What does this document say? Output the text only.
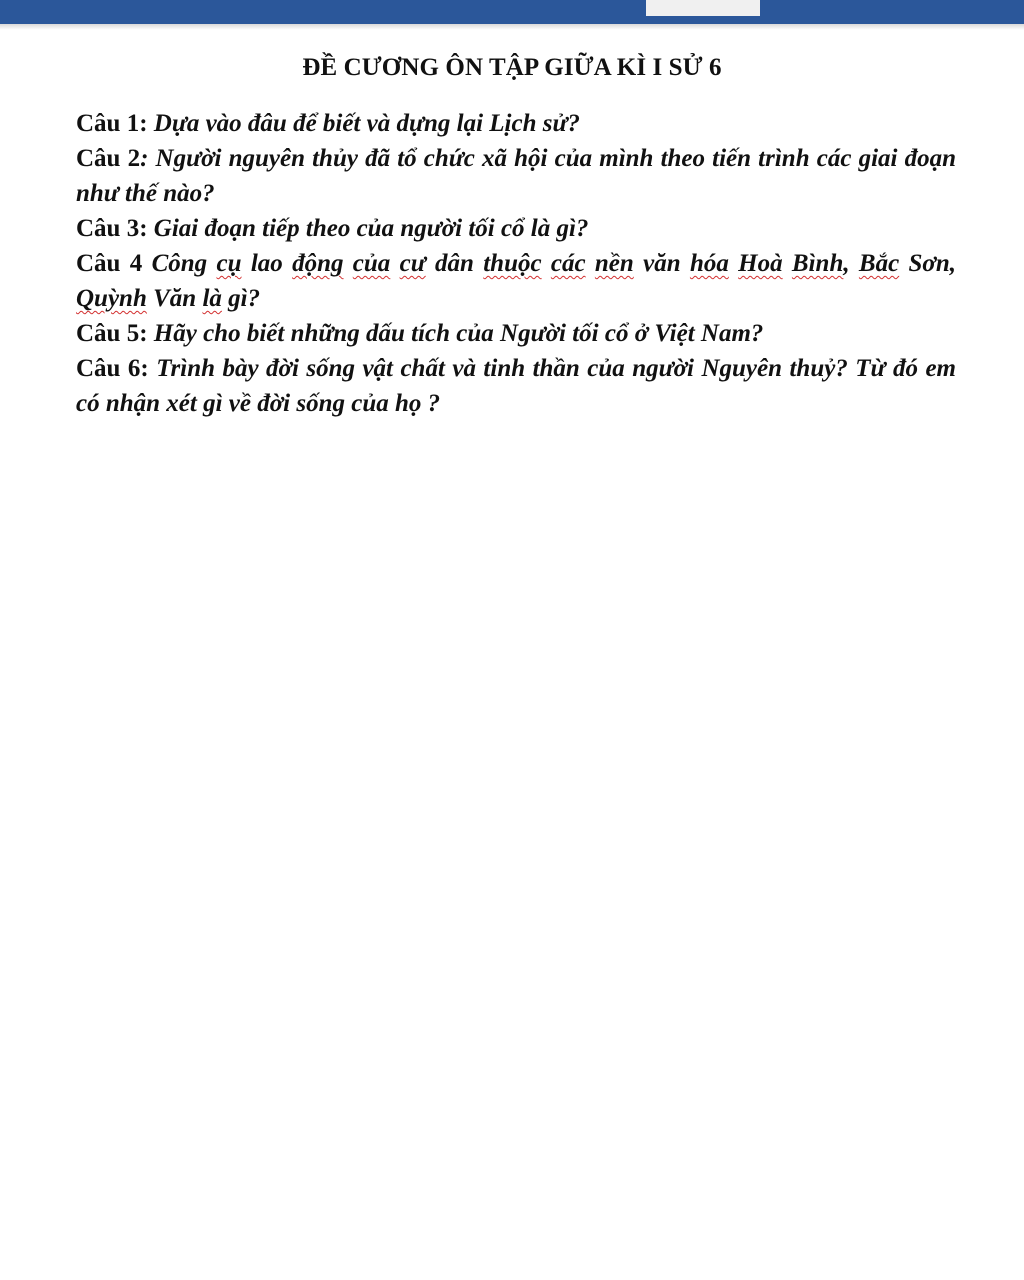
ĐỀ CƯƠNG ÔN TẬP GIỮA KÌ I SỬ 6

Câu 1: Dựa vào đâu để biết và dựng lại Lịch sử?

Câu 2: Người nguyên thủy đã tổ chức xã hội của mình theo tiến trình các giai đoạn như thế nào?

Câu 3: Giai đoạn tiếp theo của người tối cổ là gì?

Câu 4 Công cụ lao động của cư dân thuộc các nền văn hóa Hoà Bình, Bắc Sơn, Quỳnh Văn là gì?

Câu 5: Hãy cho biết những dấu tích của Người tối cổ ở Việt Nam?

Câu 6: Trình bày đời sống vật chất và tinh thần của người Nguyên thuỷ? Từ đó em có nhận xét gì về đời sống của họ ?
